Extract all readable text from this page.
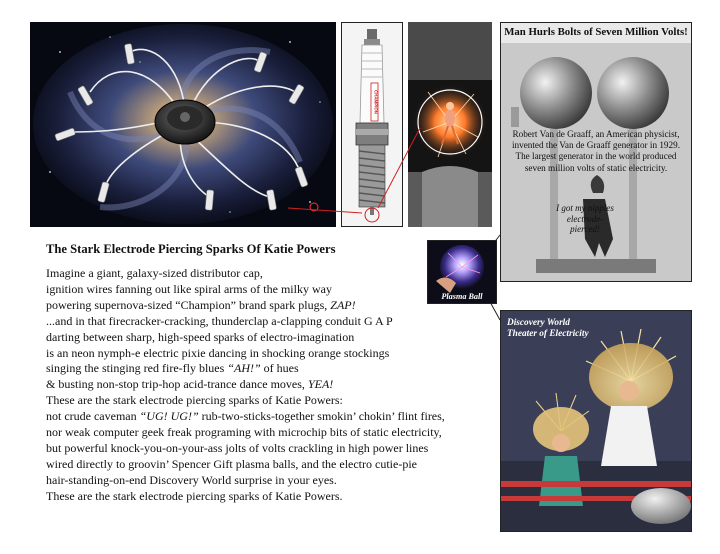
CHAMPION
Man Hurls Bolts of Seven Million Volts!
Robert Van de Graaff, an American physicist, invented the Van de Graaff generator in 1929. The largest generator in the world produced seven million volts of static electricity.
I got my nipples electrode-pierced!
Plasma Ball
Discovery World
Theater of Electricity
The Stark Electrode Piercing Sparks Of Katie Powers
Imagine a giant, galaxy-sized distributor cap,
ignition wires fanning out like spiral arms of the milky way
powering supernova-sized “Champion” brand spark plugs, ZAP!
...and in that firecracker-cracking, thunderclap a-clapping conduit G A P
darting between sharp, high-speed sparks of electro-imagination
is an neon nymph-e electric pixie dancing in shocking orange stockings
singing the stinging red fire-fly blues “AH!” of hues
& busting non-stop trip-hop acid-trance dance moves, YEA!
These are the stark electrode piercing sparks of Katie Powers:
not crude caveman “UG! UG!” rub-two-sticks-together smokin’ chokin’ flint fires,
nor weak computer geek freak programing with microchip bits of static electricity,
but powerful knock-you-on-your-ass jolts of volts crackling in high power lines
wired directly to groovin’ Spencer Gift plasma balls, and the electro cutie-pie
hair-standing-on-end Discovery World surprise in your eyes.
These are the stark electrode piercing sparks of Katie Powers.
